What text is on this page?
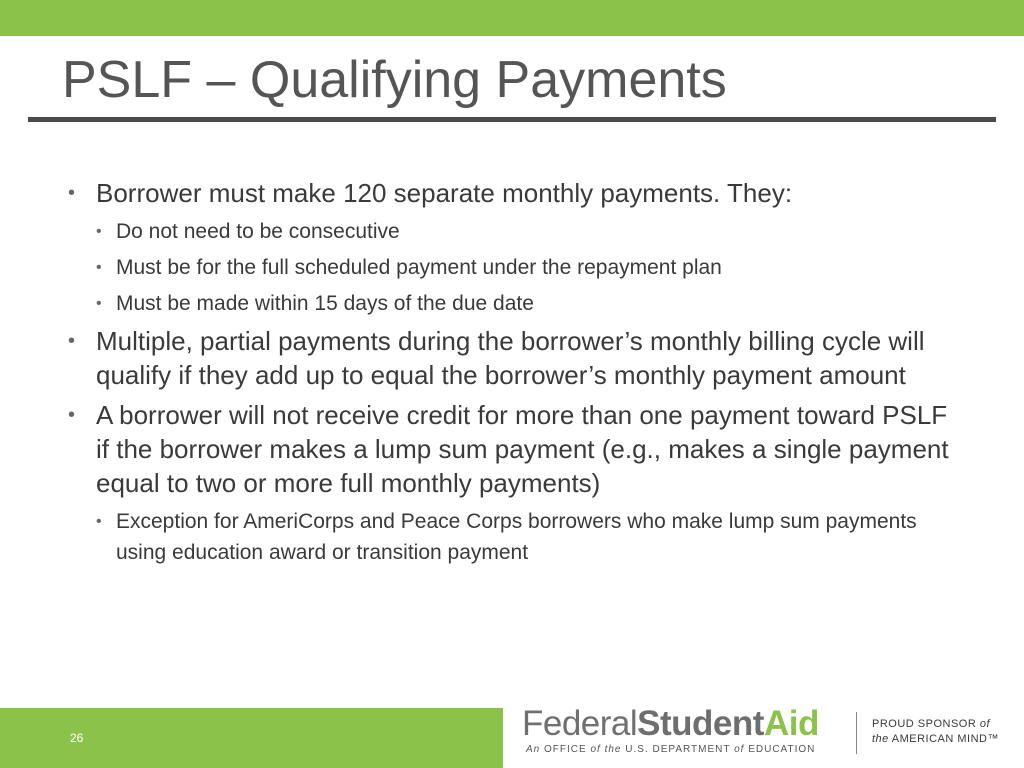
PSLF – Qualifying Payments
• Borrower must make 120 separate monthly payments. They:
• Do not need to be consecutive
• Must be for the full scheduled payment under the repayment plan
• Must be made within 15 days of the due date
• Multiple, partial payments during the borrower’s monthly billing cycle will qualify if they add up to equal the borrower’s monthly payment amount
• A borrower will not receive credit for more than one payment toward PSLF if the borrower makes a lump sum payment (e.g., makes a single payment equal to two or more full monthly payments)
• Exception for AmeriCorps and Peace Corps borrowers who make lump sum payments using education award or transition payment
26	FederalStudentAid
An OFFICE of the U.S. DEPARTMENT of EDUCATION
PROUD SPONSOR of
the AMERICAN MIND™
